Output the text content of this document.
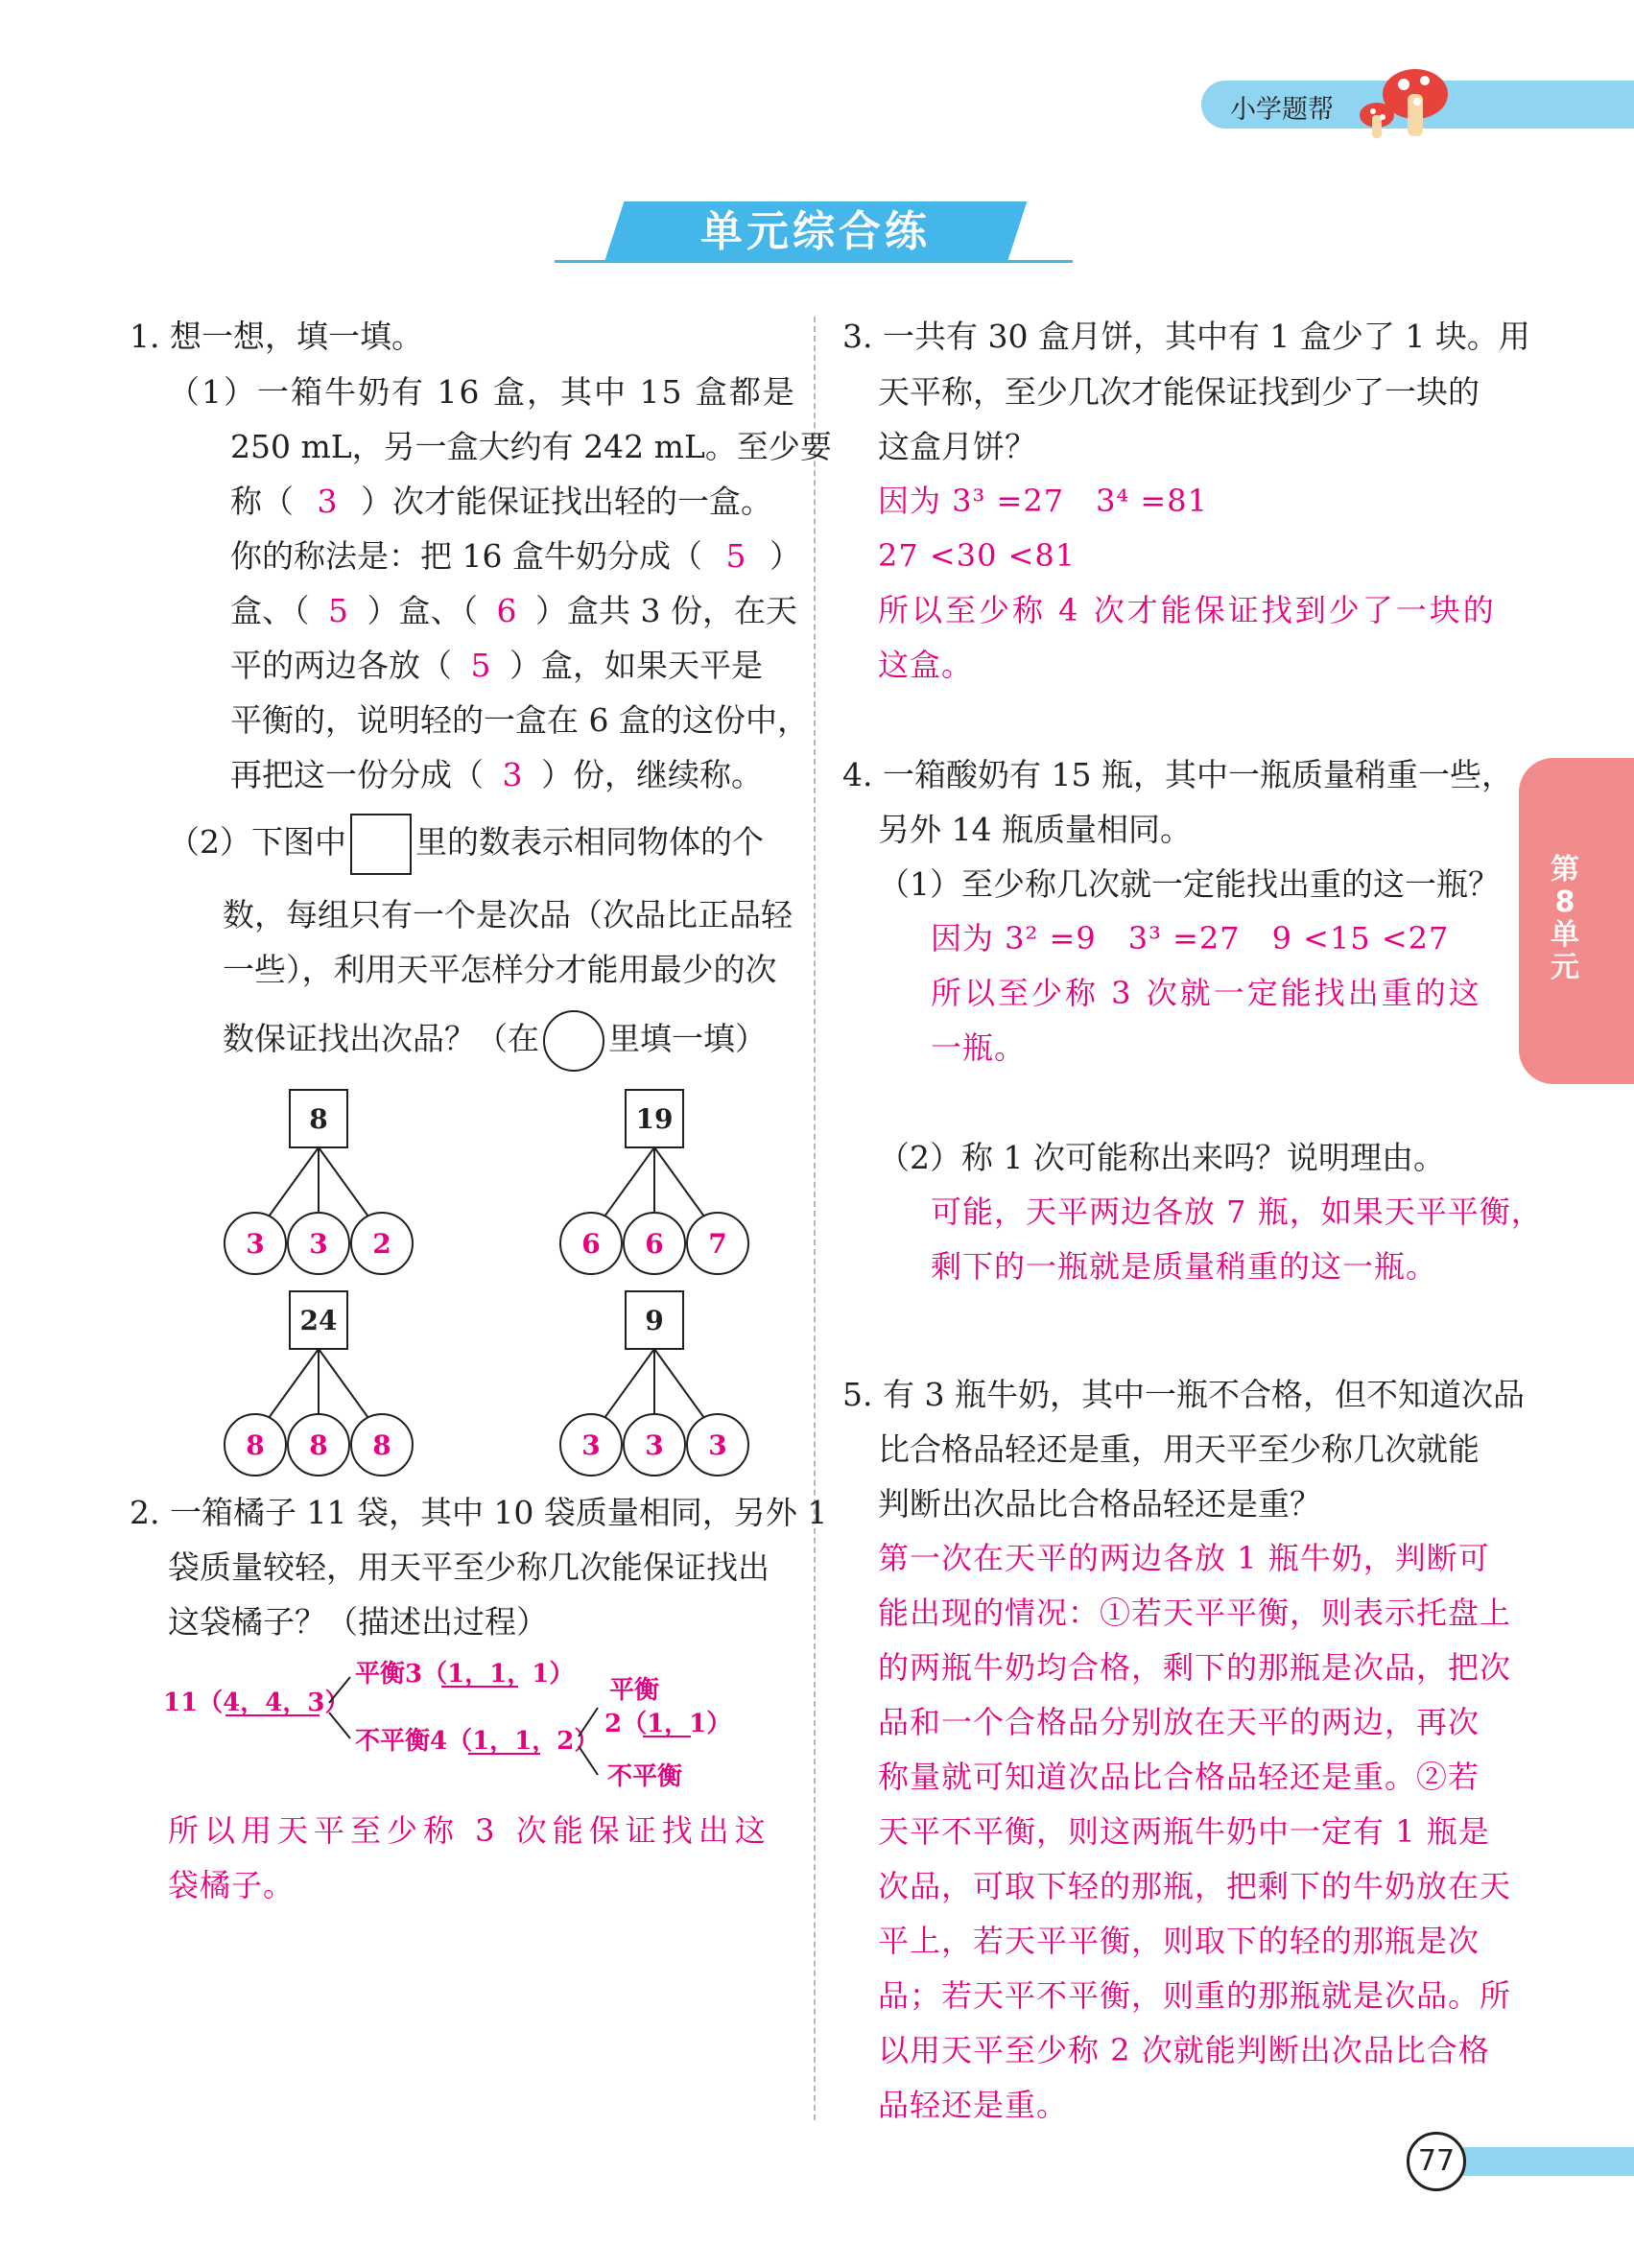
小学题帮
单元综合练
第8单元
1. 想一想，填一填。
（1）一箱牛奶有 16 盒，其中 15 盒都是
250 mL，另一盒大约有 242 mL。至少要
称（ 3 ）次才能保证找出轻的一盒。
你的称法是：把 16 盒牛奶分成（ 5 ）
盒、（ 5 ）盒、（ 6 ）盒共 3 份，在天
平的两边各放（ 5 ）盒，如果天平是
平衡的，说明轻的一盒在 6 盒的这份中，
再把这一份分成（ 3 ）份，继续称。
（2）下图中 里的数表示相同物体的个
数，每组只有一个是次品（次品比正品轻
一些），利用天平怎样分才能用最少的次
数保证找出次品？（在 里填一填）
8
3 3 2
19
6 6 7
24
8 8 8
9
3 3 3
2. 一箱橘子 11 袋，其中 10 袋质量相同，另外 1
袋质量较轻，用天平至少称几次能保证找出
这袋橘子？（描述出过程）
11（4，4，3）
平衡3（1，1，1）
不平衡4（1，1，2）
平衡
2（1，1）
不平衡
所以用天平至少称 3 次能保证找出这
袋橘子。
3. 一共有 30 盒月饼，其中有 1 盒少了 1 块。用
天平称，至少几次才能保证找到少了一块的
这盒月饼？
因为 3³ =27　3⁴ =81
27 <30 <81
所以至少称 4 次才能保证找到少了一块的
这盒。
4. 一箱酸奶有 15 瓶，其中一瓶质量稍重一些，
另外 14 瓶质量相同。
（1）至少称几次就一定能找出重的这一瓶？
因为 3² =9　3³ =27　9 <15 <27
所以至少称 3 次就一定能找出重的这
一瓶。
（2）称 1 次可能称出来吗？说明理由。
可能，天平两边各放 7 瓶，如果天平平衡，
剩下的一瓶就是质量稍重的这一瓶。
5. 有 3 瓶牛奶，其中一瓶不合格，但不知道次品
比合格品轻还是重，用天平至少称几次就能
判断出次品比合格品轻还是重？
第一次在天平的两边各放 1 瓶牛奶，判断可
能出现的情况：①若天平平衡，则表示托盘上
的两瓶牛奶均合格，剩下的那瓶是次品，把次
品和一个合格品分别放在天平的两边，再次
称量就可知道次品比合格品轻还是重。②若
天平不平衡，则这两瓶牛奶中一定有 1 瓶是
次品，可取下轻的那瓶，把剩下的牛奶放在天
平上，若天平平衡，则取下的轻的那瓶是次
品；若天平不平衡，则重的那瓶就是次品。所
以用天平至少称 2 次就能判断出次品比合格
品轻还是重。
77
